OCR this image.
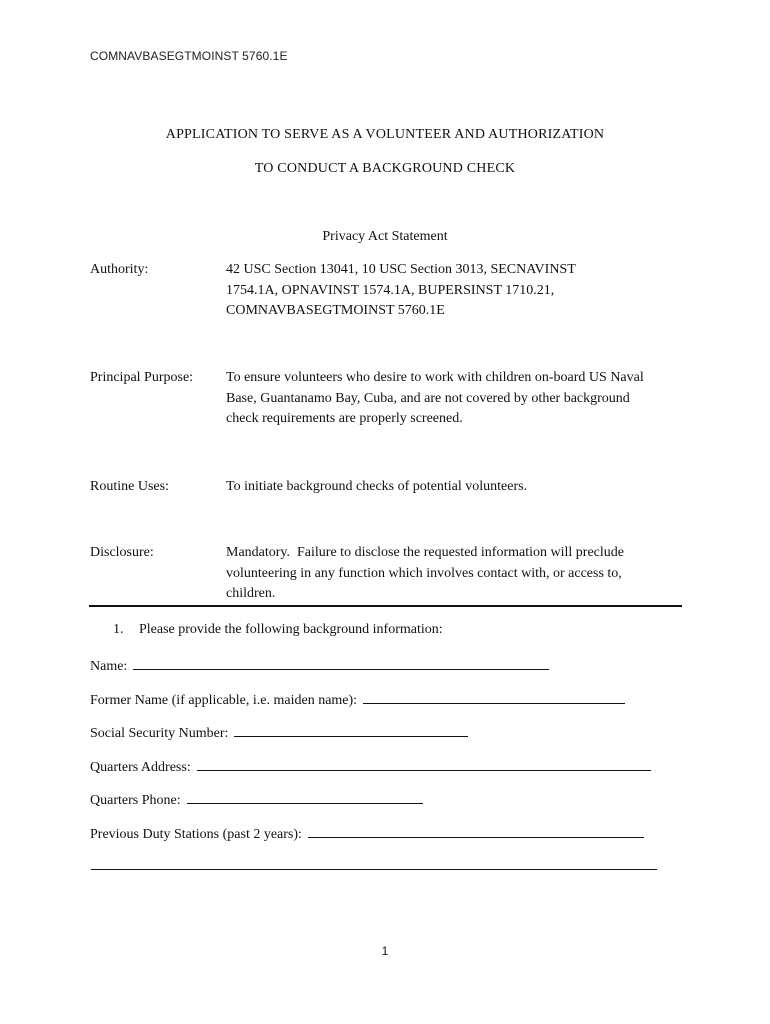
COMNAVBASEGTMOINST 5760.1E
APPLICATION TO SERVE AS A VOLUNTEER AND AUTHORIZATION
TO CONDUCT A BACKGROUND CHECK
Privacy Act Statement
Authority:	42 USC Section 13041, 10 USC Section 3013, SECNAVINST
1754.1A, OPNAVINST 1574.1A, BUPERSINST 1710.21,
COMNAVBASEGTMOINST 5760.1E
Principal Purpose:	To ensure volunteers who desire to work with children on-board US Naval
Base, Guantanamo Bay, Cuba, and are not covered by other background
check requirements are properly screened.
Routine Uses:	To initiate background checks of potential volunteers.
Disclosure:	Mandatory.  Failure to disclose the requested information will preclude
volunteering in any function which involves contact with, or access to,
children.
1. Please provide the following background information:
Name:
Former Name (if applicable, i.e. maiden name):
Social Security Number:
Quarters Address:
Quarters Phone:
Previous Duty Stations (past 2 years):
1
